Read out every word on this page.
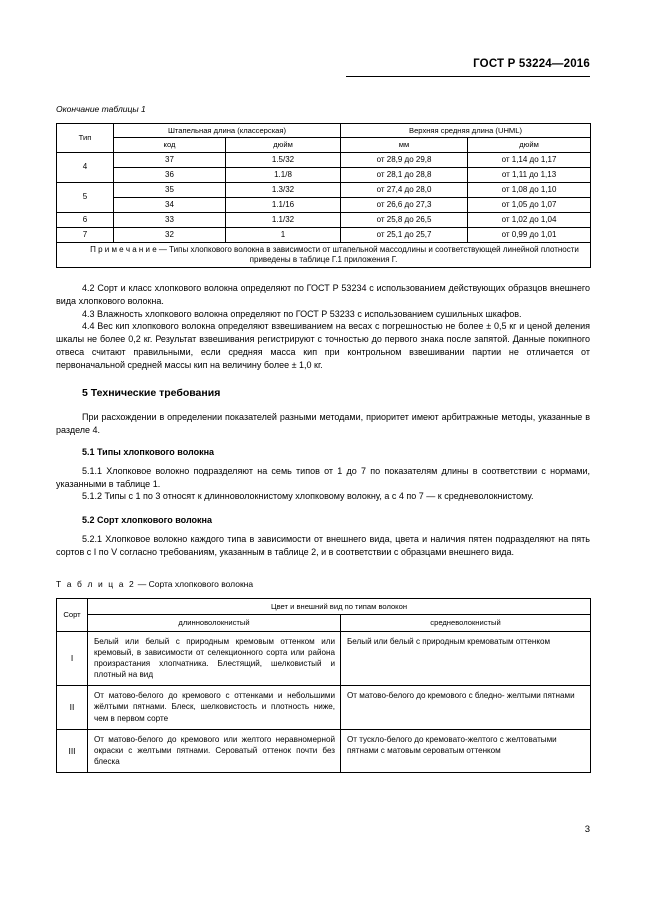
ГОСТ Р 53224—2016

Окончание таблицы 1

Тип	Штапельная длина (классерская)		Верхняя средняя длина (UHML)	
	код	дюйм	мм	дюйм
4	37	1.5/32	от 28,9 до 29,8	от 1,14 до 1,17
	36	1.1/8	от 28,1 до 28,8	от 1,11 до 1,13
5	35	1.3/32	от 27,4 до 28,0	от 1,08 до 1,10
	34	1.1/16	от 26,6 до 27,3	от 1,05 до 1,07
6	33	1.1/32	от 25,8 до 26,5	от 1,02 до 1,04
7	32	1	от 25,1 до 25,7	от 0,99 до 1,01
П р и м е ч а н и е — Типы хлопкового волокна в зависимости от штапельной массодлины и соответствующей линейной плотности приведены в таблице Г.1 приложения Г.				

4.2 Сорт и класс хлопкового волокна определяют по ГОСТ Р 53234 с использованием действующих образцов внешнего вида хлопкового волокна.

4.3 Влажность хлопкового волокна определяют по ГОСТ Р 53233 с использованием сушильных шкафов.

4.4 Вес кип хлопкового волокна определяют взвешиванием на весах с погрешностью не более ± 0,5 кг и ценой деления шкалы не более 0,2 кг. Результат взвешивания регистрируют с точностью до первого знака после запятой. Данные покипного отвеса считают правильными, если средняя масса кип при контрольном взвешивании партии не отличается от первоначальной средней массы кип на величину более ± 1,0 кг.

5 Технические требования

При расхождении в определении показателей разными методами, приоритет имеют арбитражные методы, указанные в разделе 4.

5.1 Типы хлопкового волокна

5.1.1 Хлопковое волокно подразделяют на семь типов от 1 до 7 по показателям длины в соответствии с нормами, указанными в таблице 1.

5.1.2 Типы с 1 по 3 относят к длинноволокнистому хлопковому волокну, а с 4 по 7 — к средневолокнистому.

5.2 Сорт хлопкового волокна

5.2.1 Хлопковое волокно каждого типа в зависимости от внешнего вида, цвета и наличия пятен подразделяют на пять сортов с I по V согласно требованиям, указанным в таблице 2, и в соответствии с образцами внешнего вида.

Т а б л и ц а 2 — Сорта хлопкового волокна

Сорт	Цвет и внешний вид по типам волокон	
	длинноволокнистый	средневолокнистый
I	Белый или белый с природным кремовым оттенком или кремовый, в зависимости от селекционного сорта или района произрастания хлопчатника. Блестящий, шелковистый и плотный на вид	Белый или белый с природным кремоватым оттенком
II	От матово-белого до кремового с оттенками и небольшими жёлтыми пятнами. Блеск, шелковистость и плотность ниже, чем в первом сорте	От матово-белого до кремового с бледно- желтыми пятнами
III	От матово-белого до кремового или желтого неравномерной окраски с желтыми пятнами. Сероватый оттенок почти без блеска	От тускло-белого до кремовато-желтого с желтоватыми пятнами с матовым сероватым оттенком
3
